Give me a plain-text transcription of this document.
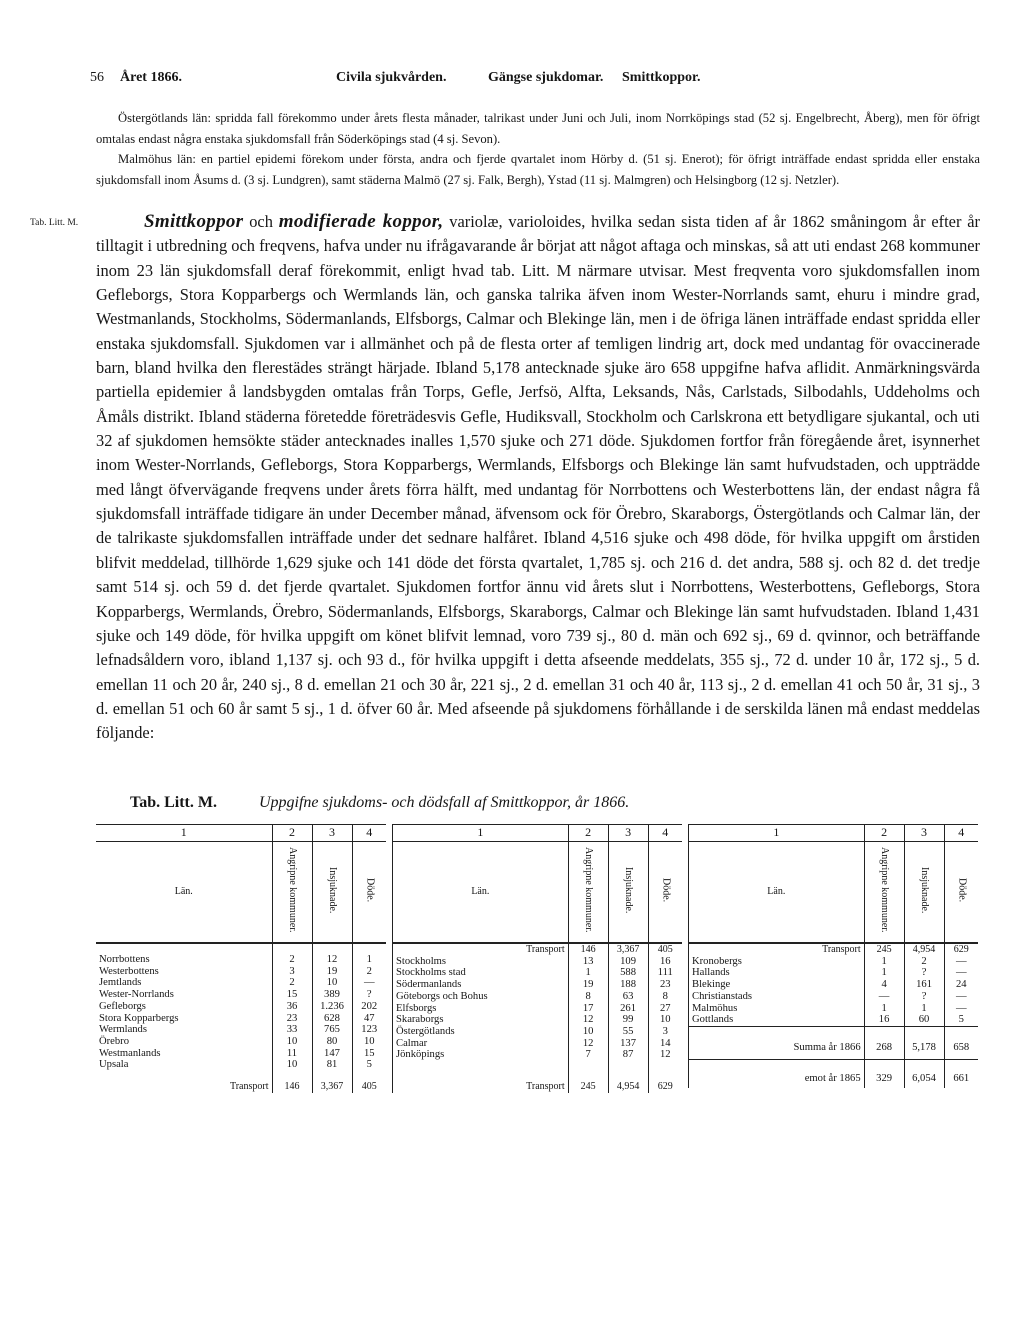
56 Året 1866.	Civila sjukvården.	Gängse sjukdomar. Smittkoppor.

Östergötlands län: spridda fall förekommo under årets flesta månader, talrikast under Juni och Juli, inom Norrköpings stad (52 sj. Engelbrecht, Åberg), men för öfrigt omtalas endast några enstaka sjukdomsfall från Söderköpings stad (4 sj. Sevon).

Malmöhus län: en partiel epidemi förekom under första, andra och fjerde qvartalet inom Hörby d. (51 sj. Enerot); för öfrigt inträffade endast spridda eller enstaka sjukdomsfall inom Åsums d. (3 sj. Lundgren), samt städerna Malmö (27 sj. Falk, Bergh), Ystad (11 sj. Malmgren) och Helsingborg (12 sj. Netzler).

Tab. Litt. M.	Smittkoppor och modifierade koppor, variolæ, varioloides, hvilka sedan sista tiden af år 1862 småningom år efter år tilltagit i utbredning och freqvens, hafva under nu ifrågavarande år börjat att något aftaga och minskas, så att uti endast 268 kommuner inom 23 län sjukdomsfall deraf förekommit, enligt hvad tab. Litt. M närmare utvisar. Mest freqventa voro sjukdomsfallen inom Gefleborgs, Stora Kopparbergs och Wermlands län, och ganska talrika äfven inom Wester-Norrlands samt, ehuru i mindre grad, Westmanlands, Stockholms, Södermanlands, Elfsborgs, Calmar och Blekinge län, men i de öfriga länen inträffade endast spridda eller enstaka sjukdomsfall. Sjukdomen var i allmänhet och på de flesta orter af temligen lindrig art, dock med undantag för ovaccinerade barn, bland hvilka den flerestädes strängt härjade. Ibland 5,178 antecknade sjuke äro 658 uppgifne hafva aflidit. Anmärkningsvärda partiella epidemier å landsbygden omtalas från Torps, Gefle, Jerfsö, Alfta, Leksands, Nås, Carlstads, Silbodahls, Uddeholms och Åmåls distrikt. Ibland städerna företedde företrädesvis Gefle, Hudiksvall, Stockholm och Carlskrona ett betydligare sjukantal, och uti 32 af sjukdomen hemsökte städer antecknades inalles 1,570 sjuke och 271 döde. Sjukdomen fortfor från föregående året, isynnerhet inom Wester-Norrlands, Gefleborgs, Stora Kopparbergs, Wermlands, Elfsborgs och Blekinge län samt hufvudstaden, och uppträdde med långt öfvervägande freqvens under årets förra hälft, med undantag för Norrbottens och Westerbottens län, der endast några få sjukdomsfall inträffade tidigare än under December månad, äfvensom ock för Örebro, Skaraborgs, Östergötlands och Calmar län, der de talrikaste sjukdomsfallen inträffade under det sednare halfåret. Ibland 4,516 sjuke och 498 döde, för hvilka uppgift om årstiden blifvit meddelad, tillhörde 1,629 sjuke och 141 döde det första qvartalet, 1,785 sj. och 216 d. det andra, 588 sj. och 82 d. det tredje samt 514 sj. och 59 d. det fjerde qvartalet. Sjukdomen fortfor ännu vid årets slut i Norrbottens, Westerbottens, Gefleborgs, Stora Kopparbergs, Wermlands, Örebro, Södermanlands, Elfsborgs, Skaraborgs, Calmar och Blekinge län samt hufvudstaden. Ibland 1,431 sjuke och 149 döde, för hvilka uppgift om könet blifvit lemnad, voro 739 sj., 80 d. män och 692 sj., 69 d. qvinnor, och beträffande lefnadsåldern voro, ibland 1,137 sj. och 93 d., för hvilka uppgift i detta afseende meddelats, 355 sj., 72 d. under 10 år, 172 sj., 5 d. emellan 11 och 20 år, 240 sj., 8 d. emellan 21 och 30 år, 221 sj., 2 d. emellan 31 och 40 år, 113 sj., 2 d. emellan 41 och 50 år, 31 sj., 3 d. emellan 51 och 60 år samt 5 sj., 1 d. öfver 60 år. Med afseende på sjukdomens förhållande i de serskilda länen må endast meddelas följande:

Tab. Litt. M.	Uppgifne sjukdoms- och dödsfall af Smittkoppor, år 1866.
1	2	3	4
Län.	Angripne kommuner.	Insjuknade.	Döde.

Norrbottens	2	12	1
Westerbottens	3	19	2
Jemtlands	2	10	—
Wester-Norrlands	15	389	?
Gefleborgs	36	1.236	202
Stora Kopparbergs	23	628	47
Wermlands	33	765	123
Örebro	10	80	10
Westmanlands	11	147	15
Upsala	10	81	5

Transport	146	3,367	405
1	2	3	4
Län.	Angripne kommuner.	Insjuknade.	Döde.
Transport	146	3,367	405
Stockholms	13	109	16
Stockholms stad	1	588	111
Södermanlands	19	188	23
Göteborgs och Bohus	8	63	8
Elfsborgs	17	261	27
Skaraborgs	12	99	10
Östergötlands	10	55	3
Calmar	12	137	14
Jönköpings	7	87	12

Transport	245	4,954	629
1	2	3	4
Län.	Angripne kommuner.	Insjuknade.	Döde.
Transport	245	4,954	629
Kronobergs	1	2	—
Hallands	1	?	—
Blekinge	4	161	24
Christianstads	—	?	—
Malmöhus	1	1	—
Gottlands	16	60	5

Summa år 1866	268	5,178	658

emot år 1865	329	6,054	661
